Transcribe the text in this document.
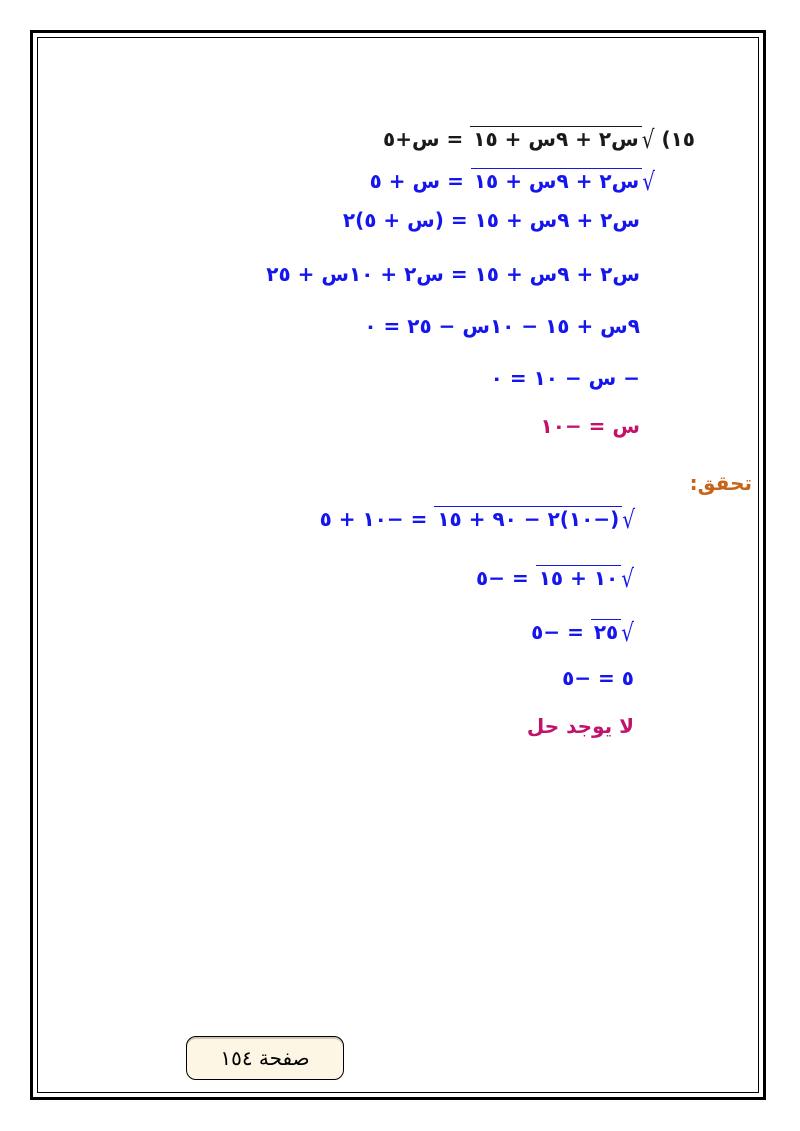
١٥) √س٢ + ٩س + ١٥ = س+٥
√س٢ + ٩س + ١٥ = س + ٥
س٢ + ٩س + ١٥ = (س + ٥)٢
س٢ + ٩س + ١٥ = س٢ + ١٠س + ٢٥
٩س + ١٥ − ١٠س − ٢٥ = ٠
− س − ١٠ = ٠
س = −١٠
تحقق:
√(−١٠)٢ − ٩٠ + ١٥ = −١٠ + ٥
√١٠ + ١٥ = −٥
√٢٥ = −٥
٥ = −٥
لا يوجد حل
صفحة ١٥٤
